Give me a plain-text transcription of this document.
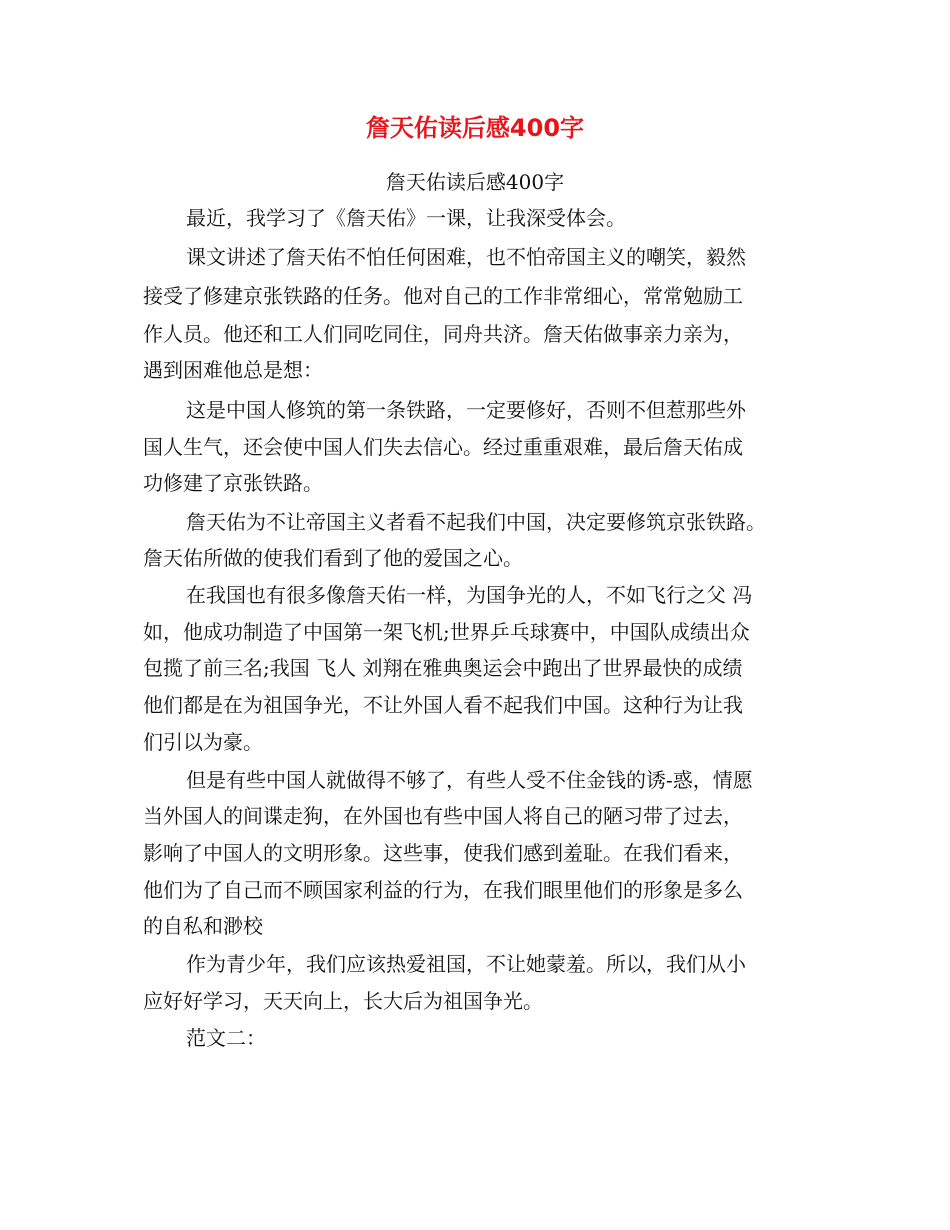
詹天佑读后感400字
詹天佑读后感400字
最近，我学习了《詹天佑》一课，让我深受体会。
课文讲述了詹天佑不怕任何困难，也不怕帝国主义的嘲笑，毅然
接受了修建京张铁路的任务。他对自己的工作非常细心，常常勉励工
作人员。他还和工人们同吃同住，同舟共济。詹天佑做事亲力亲为，
遇到困难他总是想：
这是中国人修筑的第一条铁路，一定要修好，否则不但惹那些外
国人生气，还会使中国人们失去信心。经过重重艰难，最后詹天佑成
功修建了京张铁路。
詹天佑为不让帝国主义者看不起我们中国，决定要修筑京张铁路。
詹天佑所做的使我们看到了他的爱国之心。
在我国也有很多像詹天佑一样，为国争光的人，不如飞行之父 冯
如，他成功制造了中国第一架飞机;世界乒乓球赛中，中国队成绩出众
包揽了前三名;我国 飞人 刘翔在雅典奥运会中跑出了世界最快的成绩
他们都是在为祖国争光，不让外国人看不起我们中国。这种行为让我
们引以为豪。
但是有些中国人就做得不够了，有些人受不住金钱的诱-惑，情愿
当外国人的间谍走狗，在外国也有些中国人将自己的陋习带了过去，
影响了中国人的文明形象。这些事，使我们感到羞耻。在我们看来，
他们为了自己而不顾国家利益的行为，在我们眼里他们的形象是多么
的自私和渺校
作为青少年，我们应该热爱祖国，不让她蒙羞。所以，我们从小
应好好学习，天天向上，长大后为祖国争光。
范文二：
